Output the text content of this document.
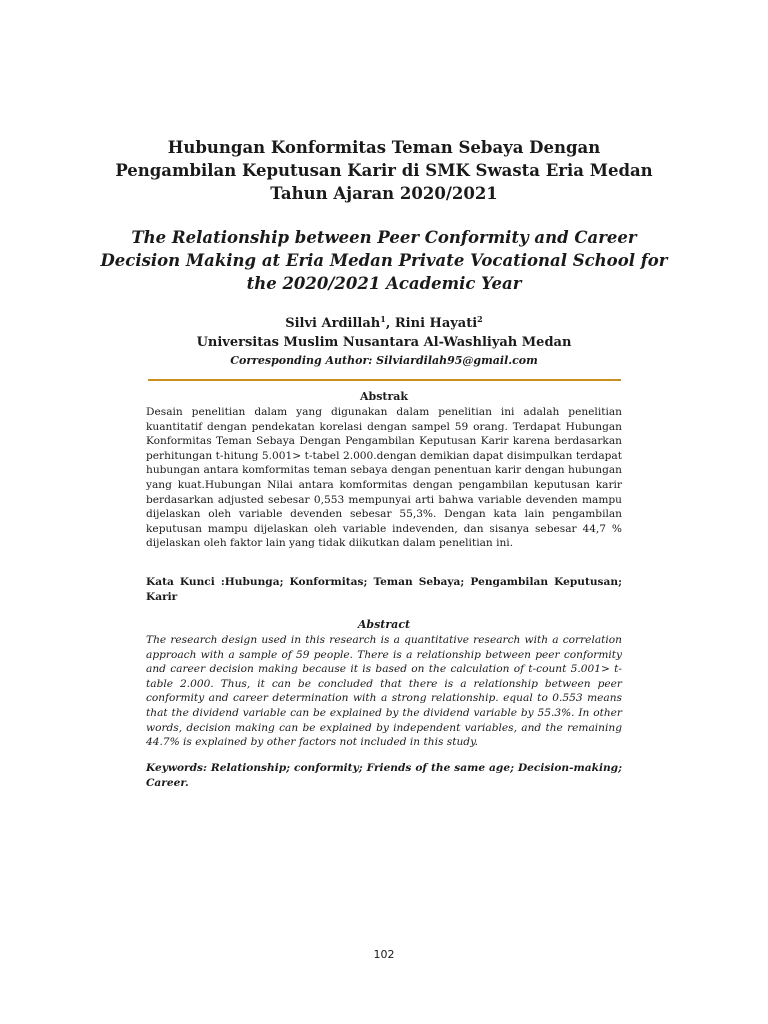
Hubungan Konformitas Teman Sebaya Dengan Pengambilan Keputusan Karir di SMK Swasta Eria Medan Tahun Ajaran 2020/2021
The Relationship between Peer Conformity and Career Decision Making at Eria Medan Private Vocational School for the 2020/2021 Academic Year
Silvi Ardillah$^1$, Rini Hayati$^2$
Universitas Muslim Nusantara Al-Washliyah Medan
Corresponding Author: Silviardilah95@gmail.com
Abstrak
Desain penelitian dalam yang digunakan dalam penelitian ini adalah penelitian kuantitatif dengan pendekatan korelasi dengan sampel 59 orang. Terdapat Hubungan Konformitas Teman Sebaya Dengan Pengambilan Keputusan Karir karena berdasarkan perhitungan t-hitung 5.001> t-tabel 2.000.dengan demikian dapat disimpulkan terdapat hubungan antara komformitas teman sebaya dengan penentuan karir dengan hubungan yang kuat.Hubungan Nilai antara komformitas dengan pengambilan keputusan karir berdasarkan adjusted sebesar 0,553 mempunyai arti bahwa variable devenden mampu dijelaskan oleh variable devenden sebesar 55,3%. Dengan kata lain pengambilan keputusan mampu dijelaskan oleh variable indevenden, dan sisanya sebesar 44,7 % dijelaskan oleh faktor lain yang tidak diikutkan dalam penelitian ini.
Kata Kunci :Hubunga; Konformitas; Teman Sebaya; Pengambilan Keputusan; Karir
Abstract
The research design used in this research is a quantitative research with a correlation approach with a sample of 59 people. There is a relationship between peer conformity and career decision making because it is based on the calculation of t-count 5.001> t-table 2.000. Thus, it can be concluded that there is a relationship between peer conformity and career determination with a strong relationship. equal to 0.553 means that the dividend variable can be explained by the dividend variable by 55.3%. In other words, decision making can be explained by independent variables, and the remaining 44.7% is explained by other factors not included in this study.
Keywords: Relationship; conformity; Friends of the same age; Decision-making; Career.
102
